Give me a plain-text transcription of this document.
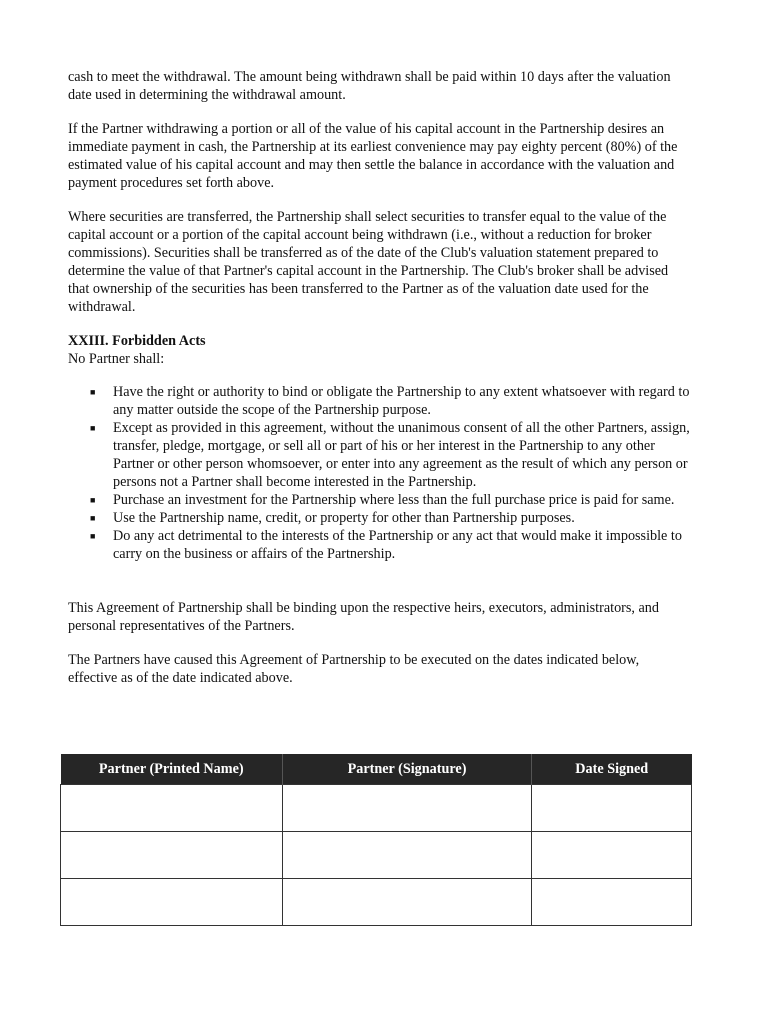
cash to meet the withdrawal. The amount being withdrawn shall be paid within 10 days after the valuation date used in determining the withdrawal amount.

If the Partner withdrawing a portion or all of the value of his capital account in the Partnership desires an immediate payment in cash, the Partnership at its earliest convenience may pay eighty percent (80%) of the estimated value of his capital account and may then settle the balance in accordance with the valuation and payment procedures set forth above.

Where securities are transferred, the Partnership shall select securities to transfer equal to the value of the capital account or a portion of the capital account being withdrawn (i.e., without a reduction for broker commissions). Securities shall be transferred as of the date of the Club's valuation statement prepared to determine the value of that Partner's capital account in the Partnership. The Club's broker shall be advised that ownership of the securities has been transferred to the Partner as of the valuation date used for the withdrawal.

XXIII. Forbidden Acts

No Partner shall:

■ Have the right or authority to bind or obligate the Partnership to any extent whatsoever with regard to any matter outside the scope of the Partnership purpose.
■ Except as provided in this agreement, without the unanimous consent of all the other Partners, assign, transfer, pledge, mortgage, or sell all or part of his or her interest in the Partnership to any other Partner or other person whomsoever, or enter into any agreement as the result of which any person or persons not a Partner shall become interested in the Partnership.
■ Purchase an investment for the Partnership where less than the full purchase price is paid for same.
■ Use the Partnership name, credit, or property for other than Partnership purposes.
■ Do any act detrimental to the interests of the Partnership or any act that would make it impossible to carry on the business or affairs of the Partnership.

This Agreement of Partnership shall be binding upon the respective heirs, executors, administrators, and personal representatives of the Partners.

The Partners have caused this Agreement of Partnership to be executed on the dates indicated below, effective as of the date indicated above.

Partner (Printed Name)	Partner (Signature)	Date Signed
